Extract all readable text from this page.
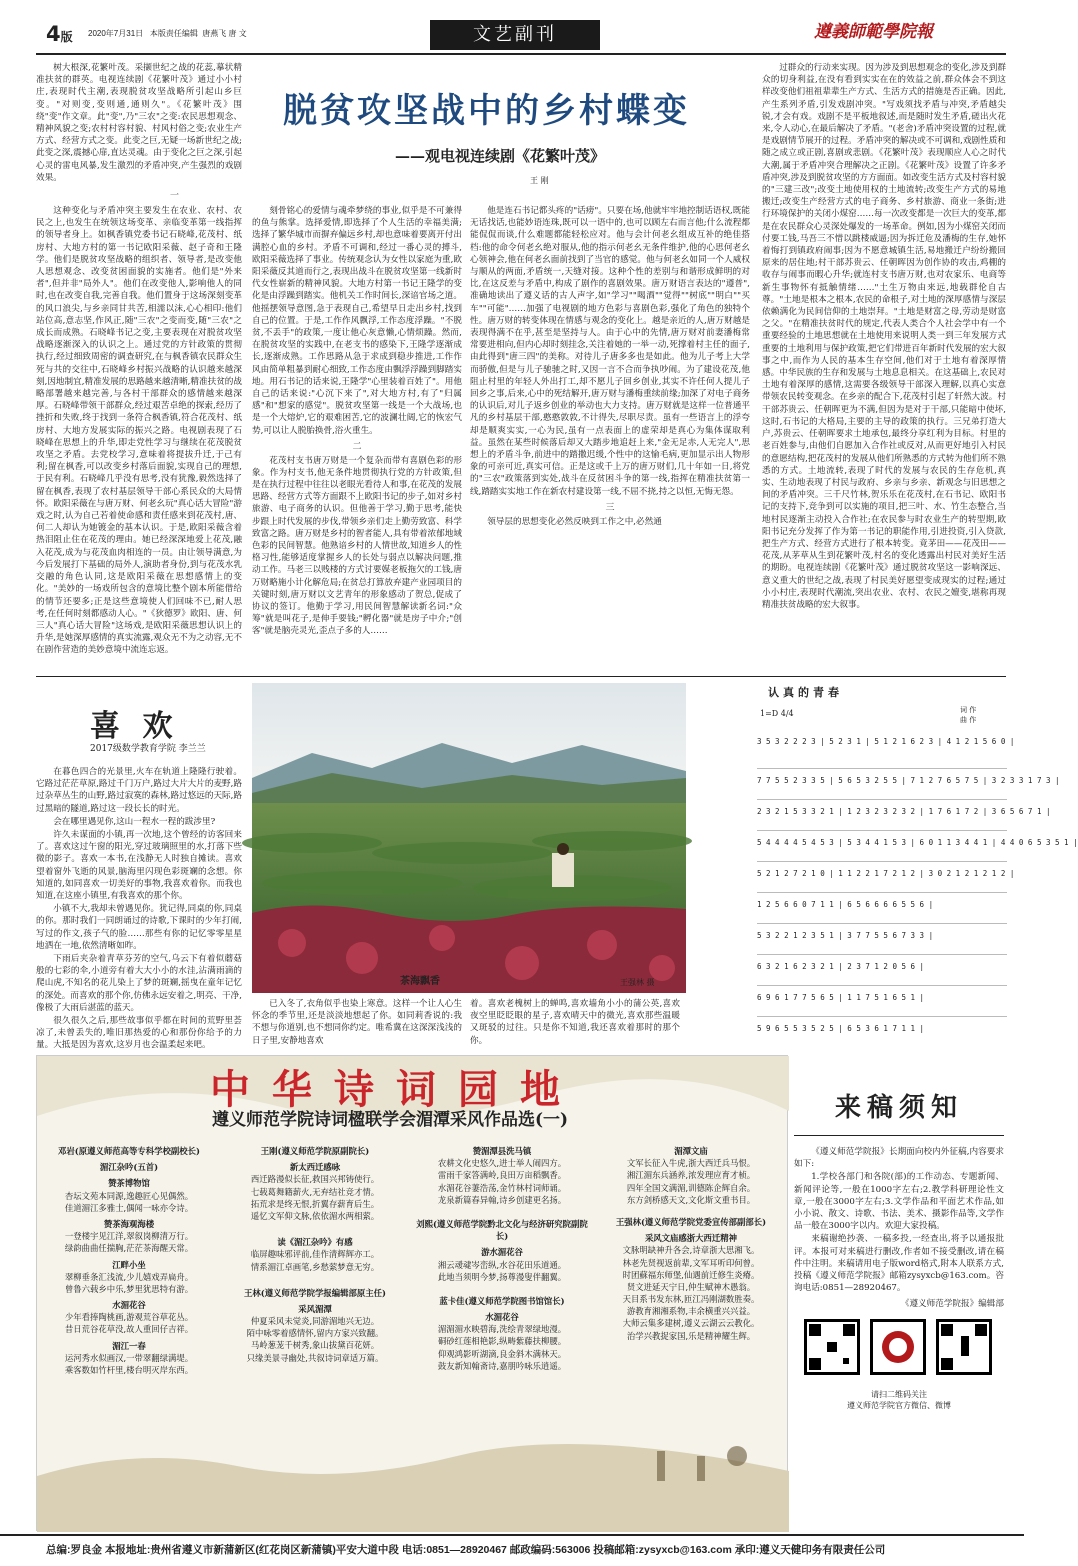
4版 2020年7月31日 本版责任编辑 唐燕飞 唐 文	文艺副刊	遵義師範學院報
树大根深,花繁叶茂。采撷世纪之战的花蕊,摹状精准扶贫的群英。电视连续剧《花繁叶茂》通过小小村庄,表现时代主潮,表现脱贫攻坚战略所引起山乡巨变。"对则变,变则通,通则久"。《花繁叶茂》围绕"变"作文章。此"变",乃"三农"之变:农民思想观念、精神风貌之变;农村村容村貌、村风村俗之变;农业生产方式、经营方式之变。此变之巨,无疑一场新世纪之战;此变之深,震撼心扉,直达灵魂。由于变化之巨之深,引起心灵的雷电风暴,发生激烈的矛盾冲突,产生强烈的戏剧效果。
脱贫攻坚战中的乡村蝶变
——观电视连续剧《花繁叶茂》
王 刚
一
这种变化与矛盾冲突主要发生在农业、农村、农民之上,也发生在统领这场变革、亲临变革第一线指挥的领导者身上。如枫香镇党委书记石晓峰,花茂村、纸房村、大地方村的第一书记欧阳采薇、赵子奇和王隆学。他们是脱贫攻坚战略的组织者、领导者,是改变他人思想观念、改变贫困面貌的实施者。他们是"外来者",但并非"局外人"。他们在改变他人,影响他人的同时,也在改变自我,完善自我。他们置身于这场深刻变革的风口浪尖,与乡亲同甘共苦,相濡以沫,心心相印:他们站位高,意志坚,作风正,随"三农"之变而变,随"三农"之成长而成熟。石晓峰书记之变,主要表现在对脱贫攻坚战略逐渐深入的认识之上。通过党的方针政策的贯彻执行,经过细致周密的调查研究,在与枫香镇农民群众生死与共的交往中,石晓峰乡村振兴战略的认识越来越深刻,因地制宜,精准发展的思路越来越清晰,精准扶贫的战略部署越来越完善,与各村干部群众的感情越来越深厚。石晓峰带领干部群众,经过艰苦卓绝的探索,经历了挫折和失败,终于找到一条符合枫香镇,符合花茂村、纸房村、大地方发展实际的振兴之路。电视剧表现了石晓峰在思想上的升华,即走党性学习与继续在花茂脱贫攻坚之矛盾。去党校学习,意味着将提拔升迁,于己有利;留在枫香,可以改变乡村落后面貌,实现自己的理想,于民有利。石晓峰几乎没有思考,没有犹豫,毅然选择了留在枫香,表现了农村基层领导干部心系民众的大局情怀。欧阳采薇在与唐万财、何老幺玩"真心话大冒险"游戏之时,认为自己若着使命感和责任感来到花茂村,唐、何二人却认为她镀金的基本认识。于是,欧阳采薇含着热泪阻止住在花茂的理由。她已经深深地爱上花茂,融入花茂,成为与花茂血肉相连的一员。由让领导满意,为今后发展打下基础的局外人,演助者身份,到与花茂水乳交融的角色认同,这是欧阳采薇在思想感情上的变化。"美妙的一场戏所包含的意境比整个剧本所能借给的情节还要多;正是这些意境使人们回味不已,耐人思考,在任何时刻都感动人心。"《狄德罗》欧阳、唐、何三人"真心话大冒险"这场戏,是欧阳采薇思想认识上的升华,是她深厚感情的真实流露,观众无不为之动容,无不在剧作营造的美妙意境中流连忘返。

刻骨铭心的爱情与魂牵梦绕的事业,似乎是不可兼得的鱼与熊掌。选择爱情,即选择了个人生活的幸福美满;选择了繁华城市而摒弃偏远乡村,却也意味着要离开付出满腔心血的乡村。矛盾不可调和,经过一番心灵的搏斗,欧阳采薇选择了事业。传统观念认为女性以家庭为重,欧阳采薇反其道而行之,表现出战斗在脱贫攻坚第一线新时代女性崭新的精神风貌。大地方村第一书记王隆学的变化是由浮躁到踏实。他机关工作时间长,深谙官场之道。他摇摆领导意图,急于表现自己,希望早日走出乡村,找到自己的位置。于是,工作作风飘浮,工作态度浮躁。"不脱贫,不丢手"的政策,一度让他心灰意懒,心情烦躁。然而,在脱贫攻坚的实践中,在老支书的感染下,王隆学逐渐成长,逐渐成熟。工作思路从急于求成到稳步推进,工作作风由简单粗暴到耐心细致,工作态度由飘浮浮躁到脚踏实地。用石书记的话来说,王隆学"心里装着百姓了"。用他自己的话来说:"心沉下来了",对大地方村,有了"归属感"和"想家的感觉"。脱贫攻坚第一线是一个大战场,也是一个大熔炉,它的艰难困苦,它的波澜壮阔,它的恢宏气势,可以让人脱胎换骨,浴火重生。

二

花茂村支书唐万财是一个复杂而带有喜剧色彩的形象。作为村支书,他无条件地贯彻执行党的方针政策,但是在执行过程中往往以老眼光看待人和事,在花茂的发展思路、经营方式等方面跟不上欧阳书记的步子,如对乡村旅游、电子商务的认识。但他善于学习,勤于思考,能快步跟上时代发展的步伐,带领乡亲们走上勤劳致富、科学致富之路。唐万财是乡村的智者能人,具有带着浓郁地域色彩的民间智慧。他熟谙乡村的人情世故,知道乡人的性格习性,能够适度掌握乡人的长处与弱点以解决问题,推动工作。马老三以贱楼的方式讨要媒老板拖欠的工钱,唐万财略施小计化解危局;在贫总打算放弃建产业园项目的关键时刻,唐万财以文艺青年的形象感动了贺总,促成了协议的签订。他勤于学习,用民间智慧解读新名词:"众筹"就是叫花子,是伸手要钱;"孵化器"就是房子中介;"创客"就是脑壳灵光,歪点子多的人……

他是连石书记都头疼的"话痨"。只要在场,他就牢牢地控制话语权,既能无话找话,也能妙语连珠,既可以一语中的,也可以顾左右而言他;什么流程都能侃侃而谈,什么难题都能轻松应对。他与会计何老幺组成互补的绝佳搭档:他的命令何老幺绝对服从,他的指示何老幺无条件维护,他的心思何老幺心领神会,他在何老幺面前找到了当官的感觉。他与何老幺如同一个人威权与顺从的两面,矛盾统一,天缝对接。这种个性的差别与和谐形成鲜明的对比,在这反差与矛盾中,构成了剧作的喜剧效果。唐万财语言表达的"遵普",准确地读出了遵义话的古人声字,如"学习""喝酒""觉得""树底""明白""买车""可能"……加强了电视剧的地方色彩与喜剧色彩,强化了角色的独特个性。唐万财的转变体现在情感与观念的变化上。越是亲近的人,唐万财越是表现得满不在乎,甚至是坚持与人。由于心中的先情,唐万财对前妻潘梅常常要进相向,但内心却时刻挂念,关注着她的一举一动,死撑着村主任的面子,由此得到"唐三四"的美称。对待儿子唐多多也是如此。他为儿子考上大学而骄傲,但是与儿子驰驰之时,又因一言不合而争执吵闹。为了建设花茂,他阻止村里的年轻人外出打工,却不愿儿子回乡创业,其实不许任何人提儿子回乡之事,后来,心中的死结解开,唐万财与潘梅重续前缘;加深了对电子商务的认识后,对儿子返乡创业的举动也大力支持。唐万财就是这样一位普通平凡的乡村基层干部,憨憨敦敦,不计得失,尽职尽责。虽有一些语言上的浮夸却是顺爽实实,一心为民,虽有一点表面上的虚荣却是真心为集体谋取利益。虽然在某些时候落后却又大踏步地追赶上来,"金无足赤,人无完人",思想上的矛盾斗争,前进中的踏撒迟缓,个性中的这愉毛病,更加显示出人物形象的可亲可近,真实可信。正是这或千上万的唐万财们,几十年如一日,将党的"三农"政策落到实处,战斗在反贫困斗争的第一线,指挥在精准扶贫第一线,踏踏实实地工作在新农村建设第一线,不屈不挠,持之以恒,无悔无怨。

三

领导层的思想变化必然反映到工作之中,必然通

过群众的行动来实现。因为涉及到思想观念的变化,涉及到群众的切身利益,在没有看到实实在在的效益之前,群众体会不到这样改变他们祖祖辈辈生产方式、生活方式的措施是否正确。因此,产生系列矛盾,引发戏剧冲突。"写戏须找矛盾与冲突,矛盾越尖锐,才会有戏。戏剧不是平板地叙述,而是随时发生矛盾,磋出火花来,令人动心,在最后解决了矛盾。"(老舍)矛盾冲突设置的过程,就是戏剧情节展开的过程。矛盾冲突的解决或不可调和,戏剧性质和随之成立或正剧,喜剧或悲剧。《花繁叶茂》表现顺应人心之时代大潮,属于矛盾冲突合理解决之正剧。《花繁叶茂》设置了许多矛盾冲突,涉及到脱贫攻坚的方方面面。如改变生活方式及村容村貌的"三建三改";改变土地使用权的土地流转;改变生产方式的易地搬迁;改变生产经营方式的电子商务、乡村旅游、商业一条街;进行环境保护的关闭小煤窑……每一次改变都是一次巨大的变革,都是在农民群众心灵深处爆发的一场革命。例如,因为小煤窑关闭而付要工钱,马吾三不惜以跳楼威逼;因为拆迁危及潘梅的生存,她怀着悔打到镇政府闹事;因为不愿意城镇生活,易地搬迁户纷纷搬回原来的居住地;村干部苏贵云、任朝晖因为创作协的攻击,鸡棚的收存与闹事而暇心升华;就连村支书唐万财,也对农家乐、电商等新生事物怀有抵触情绪……"土生万物由来远,地载群伦自古尊。"土地是根本之根本,农民的命根子,对土地的深厚感情与深层依赖满化为民间信仰的土地崇拜。"土地是财富之母,劳动是财富之父。"在精准扶贫时代的规定,代表人类合个人社会学中有一个重要经验的土地思想就在土地使用来说明人类一到三年发展方式重要的土地利用与保护政策,把它们带进百年新时代发展的宏大叙事之中,而作为人民的基本生存空间,他们对于土地有着深厚情感。中华民族的生存和发展与土地息息相关。在这基础上,农民对土地有着深厚的感情,这需要各级领导干部深入理解,以真心实意带领农民转变观念。在乡亲的配合下,花茂村引起了轩然大波。村干部苏贵云、任朝晖更为不满,但因为是对于干部,只能暗中使坏,这时,石书记的大格局,主要的主导的政策的执行。三兄弟打造大户,苏贵云、任朝晖要求土地承包,最终分享红利为目标。村里的老百姓参与,由他们自愿加入合作社或反对,从而更好地引入村民的意愿结构,把花茂村的发展从他们所熟悉的方式转为他们所不熟悉的方式。土地流转,表现了时代的发展与农民的生存危机,真实、生动地表现了村民与政府、乡亲与乡亲、新观念与旧思想之间的矛盾冲突。三千尺竹林,贺乐乐在花茂村,在石书记、欧阳书记的支持下,竞争到可以实施的项目,把三叶、水、竹生态整合,当地村民逐渐主动投入合作社;在农民参与时农业生产的转型期,欧阳书记充分发挥了作为第一书记的职能作用,引进投资,引入贷款,把生产方式、经营方式进行了根本转变。竟茅田——花茂田——花茂,从茅草从生到花繁叶茂,村名的变化透露出村民对美好生活的期盼。电视连续剧《花繁叶茂》通过脱贫攻坚这一影响深远、意义重大的世纪之战,表现了村民美好愿望变成现实的过程;通过小小村庄,表现时代潮流,突出农业、农村、农民之嬗变,堪称再现精准扶贫战略的宏大叙事。
喜 欢
2017级数学教育学院 李兰兰

在暮色四合的光景里,火车在轨道上隆隆行驶着。它路过茫茫草原,路过千门万户,路过大片大片的麦野,路过杂草丛生的山野,路过寂寞的森林,路过悠远的天际,路过黑暗的隧道,路过这一段长长的时光。

会在哪里遇见你,这山一程水一程的跋涉里?

许久未谋面的小镇,再一次地,这个曾经的访客回来了。喜欢这过午窗的阳光,穿过玻璃照里的水,打落下些微的影子。喜欢一本书,在浅静无人时独自摊读。喜欢望着窗外飞逝的风景,脑海里闪现色彩斑斓的念想。你知道的,如同喜欢一切美好的事物,我喜欢着你。而我也知道,在这座小镇里,有我喜欢的那个你。

小镇不大,我却未曾遇见你。犹记得,同桌的你,同桌的你。那时我们一同朗诵过的诗歌,下课时的少年打闹,写过的作文,孩子气的脸……那些有你的记忆零零星星地洒在一地,依然清晰如昨。

下雨后夹杂着青草芬芳的空气,乌云下有着似蘑菇般的七彩的伞,小道旁有着大大小小的水洼,沾满雨滴的爬山虎,不知名的花儿染上了梦的斑斓,摇曳在童年记忆的深处。而喜欢的那个你,仿佛永远安着之,明亮、干净,像极了大雨后湛蓝的蓝天。

很久很久之后,那些故事似乎都在时间的荒野里荟凉了,未曾丢失的,唯旧那热爱的心和那份你给予的力量。大抵是因为喜欢,这岁月也会温柔起来吧。

茶海飘香	王强林 摄
已入冬了,衣角似乎也染上寒意。这样一个让人心生怀念的季节里,还是淡淡地想起了你。如同莉香说的:我不想与你道别,也不想同你约定。唯希冀在这深深浅浅的日子里,安静地喜欢
着。喜欢老槐树上的蝉鸣,喜欢墙角小小的蒲公英,喜欢夜空里眨眨眼的星子,喜欢晴天中的微光,喜欢那些温暖又斑驳的过往。只是你不知道,我还喜欢着那时的那个你。
认真的青春
1=D 4/4	词 作
曲 作
3 5 3 2 2 2 3 | 5 2 3 1 | 5 1 2 1 6 2 3 | 4 1 2 1 5 6 0 |
7 7 5 5 2 3 3 5 | 5 6 5 3 2 5 5 | 7 1 2 7 6 5 7 5 | 3 2 3 3 1 7 3 |
2 3 2 1 5 3 3 2 1 | 1 2 3 2 3 2 3 2 | 1 7 6 1 7 2 | 3 6 5 6 7 1 |
5 4 4 4 4 5 4 5 3 | 5 3 4 4 1 5 3 | 6 0 1 1 3 4 4 1 | 4 4 0 6 5 3 5 1 |
5 2 1 2 7 2 1 0 | 1 1 2 2 1 7 2 1 2 | 3 0 2 1 2 1 2 1 2 |
1 2 5 6 6 0 7 1 1 | 6 5 6 6 6 6 5 5 6 |
5 3 2 2 1 2 3 5 1 | 3 7 7 5 5 6 7 3 3 |
6 3 2 1 6 2 3 2 1 | 2 3 7 1 2 0 5 6 |
6 9 6 1 7 7 5 6 5 | 1 1 7 5 1 6 5 1 |
5 9 6 5 5 3 5 2 5 | 6 5 3 6 1 7 1 1 |
中华诗词园地
遵义师范学院诗词楹联学会湄潭采风作品选(一)
邓岩(原遵义师范高等专科学校副校长)
湄江杂吟(五首)
赞茶博物馆
杏坛文苑本同源,逸趣匠心见偶然。
佳道湄江多雅士,偶闻一咏亦令诗。
赞茶海观海楼
一登楼宇见江洋,翠叙岗柳清万行。
绿韵曲曲任揣胸,茫茫茶海醒天常。
江畔小坐
翠柳垂条汇浅流,少儿嬉戏弄扁舟。
曾鲁六载乡中乐,梦里犹思特有游。
水湄花谷
少年看捧陶桃画,游观荒谷草花丛。
昔日荒谷花草没,故人重回仔吉祥。
湄江一春
运河秀水似画汉,一带翠翻绿满堤。
乘客数如竹杆里,楼台明灭岸东西。
王刚(遵义师范学院原副院长)
新太西迁感咏
西迁路漫似长征,救国兴邦铸使行。
七载葛舞籍薪火,无弃结社竞才情。
拓荒求是终无恨,折翼存薪育后生。
遥忆文军仰文脉,依依湄水两相萦。
读《湄江杂吟》有感
临屏趣味邪评前,佳作清辉辉亦工。
情系湄江卓画笔,乡愁萦梦意无穷。
王林(遵义师范学院学报编辑部原主任)
采风湄潭
仲夏采风未觉炎,同游湄地兴无边。
陌中咏零着感情怀,留内方家兴致翻。
马岭葱茏千树秀,象山拔黛百花妍。
只缘美景寻幽处,共叙诗词章适万篇。
赞湄潭县洗马镇
农耕文化史悠久,进士举人闹四方。
雷雨千家答满岭,良田万亩稻飘香。
水湄花谷萋浩荡,金竹林村词师诵。
龙泉新篇春异翰,诗乡创建更名扬。
刘熙(遵义师范学院黔北文化与经济研究院副院长)
游水湄花谷
湘云叆叇岑峦纵,水谷花田乐道通。
此地当须明今梦,扬尊漫叟伴翻翼。
蓝卡佳(遵义师范学院图书馆馆长)
水湄花谷
湄湄湄水映碧海,洗绘青翠绿地漫。
硐砂红莲相艳影,纵畴紫藤扶柳腰。
仰观鸿影听湖滴,良金斜木满林天。
鼓友新知翰斋诗,嘉朋吟咏乐逍遥。
湄潭文庙
文军长征入牛虎,浙大西迁兵马恨。
湘江湄东兵涵养,浓发理应育才桢。
四年全国文满湄,训德陈企辉自余。
东方剑桥感天文,文化斯文重书目。
王强林(遵义师范学院党委宣传部副部长)
采风文庙感浙大西迁精神
文脉明缺神升各会,诗章浙大思湘飞。
林老先贤视返前辈,文军耳听印何曾。
时团蘇福东师堡,仙遇前迁修生炎瘠。
贤文进延天宁日,仲生赋神木愚翁。
天目系书发东林,匝江冯刚湖数胜奏。
游教育湘湘系物,丰余横重兴兴益。
大师云集多建树,遵义云湖云云教化。
治学兴教捉家国,乐是精神耀生辉。
来稿须知

《遵义师范学院报》长期面向校内外征稿,内容要求如下:

1.学校各部门和各院(部)的工作动态、专题新闻、新闻评论等,一般在1000字左右;2.教学科研理论性文章,一般在3000字左右;3.文学作品和平面艺术作品,如小小说、散文、诗歌、书法、美术、摄影作品等,文学作品一般在3000字以内。欢迎大家投稿。

来稿谢绝抄袭、一稿多投,一经查出,将予以通报批评。本报可对来稿进行删改,作者如不接受删改,请在稿件中注明。来稿请用电子版word格式,附本人联系方式,投稿《遵义师范学院报》邮箱zysyxcb@163.com。咨询电话:0851—28920467。

《遵义师范学院报》编辑部
请扫二维码关注
遵义师范学院官方微信、微博
总编:罗良金 本报地址:贵州省遵义市新蒲新区(红花岗区新蒲镇)平安大道中段 电话:0851—28920467 邮政编码:563006 投稿邮箱:zysyxcb@163.com 承印:遵义天健印务有限责任公司
